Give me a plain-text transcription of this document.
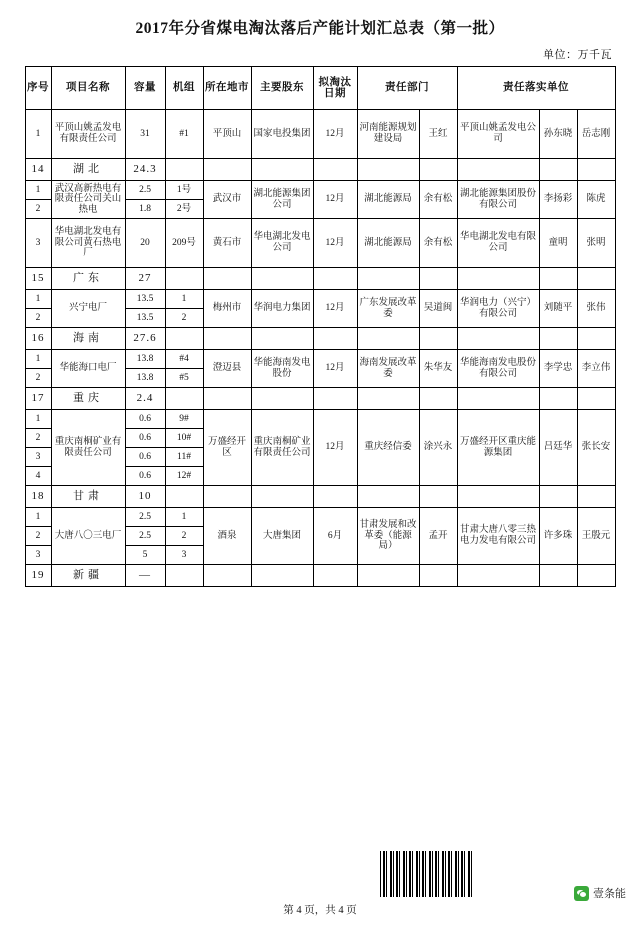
2017年分省煤电淘汰落后产能计划汇总表（第一批）
单位：万千瓦
序号	项目名称	容量	机组	所在地市	主要股东	拟淘汰日期	责任部门		责任落实单位		
1	平顶山姚孟发电有限责任公司	31	#1	平顶山	国家电投集团	12月	河南能源规划建设局	王红	平顶山姚孟发电公司	孙东晓	岳志刚
14	湖北	24.3									
1	武汉高新热电有限责任公司关山热电	2.5	1号	武汉市	湖北能源集团公司	12月	湖北能源局	余有松	湖北能源集团股份有限公司	李扬彩	陈虎
2		1.8	2号								
3	华电湖北发电有限公司黄石热电厂	20	209号	黄石市	华电湖北发电公司	12月	湖北能源局	余有松	华电湖北发电有限公司	童明	张明
15	广东	27									
1	兴宁电厂	13.5	1	梅州市	华润电力集团	12月	广东发展改革委	吴道闽	华润电力（兴宁）有限公司	刘随平	张伟
2		13.5	2								
16	海南	27.6									
1	华能海口电厂	13.8	#4	澄迈县	华能海南发电股份	12月	海南发展改革委	朱华友	华能海南发电股份有限公司	李学忠	李立伟
2		13.8	#5								
17	重庆	2.4									
1	重庆南桐矿业有限责任公司	0.6	9#	万盛经开区	重庆南桐矿业有限责任公司	12月	重庆经信委	涂兴永	万盛经开区重庆能源集团	吕廷华	张长安
2		0.6	10#								
3		0.6	11#								
4		0.6	12#								
18	甘肃	10									
1	大唐八〇三电厂	2.5	1	酒泉	大唐集团	6月	甘肃发展和改革委（能源局）	孟开	甘肃大唐八零三热电力发电有限公司	许多珠	王殷元
2		2.5	2								
3		5	3								
19	新疆	—									
壹条能
第 4 页，共 4 页
